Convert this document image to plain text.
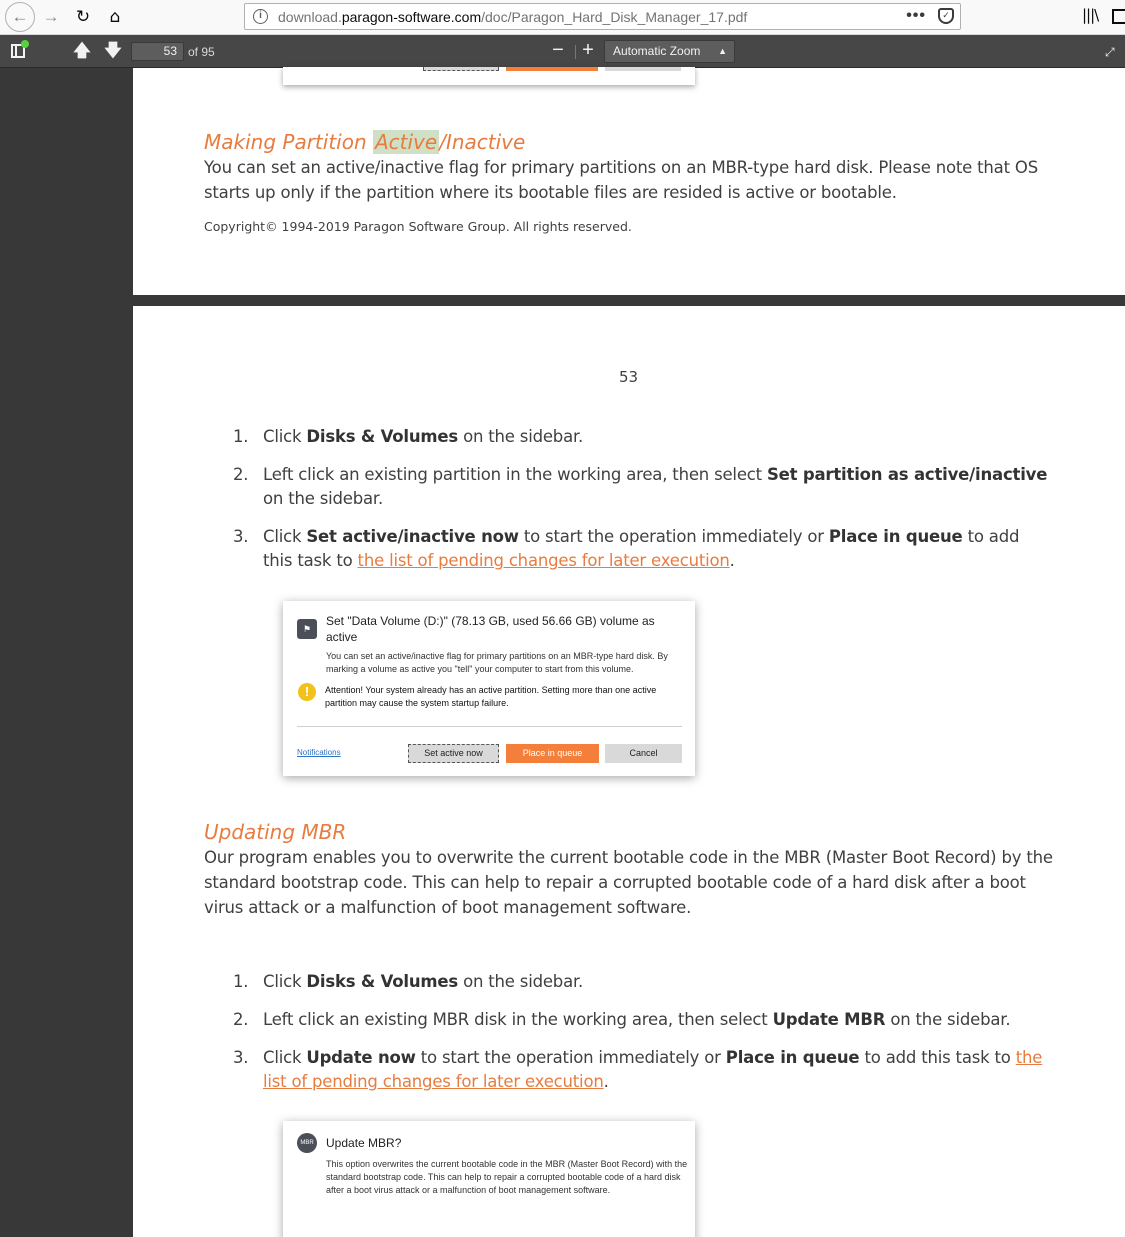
← → ↻	⌂	i	download.paragon-software.com/doc/Paragon_Hard_Disk_Manager_17.pdf	•••	✓	|||\
🡅 🡇	53 of 95	− +	Automatic Zoom ▲	⤢
Making Partition Active /Inactive
You can set an active/inactive flag for primary partitions on an MBR-type hard disk. Please note that OS starts up only if the partition where its bootable files are resided is active or bootable.
Copyright© 1994-2019 Paragon Software Group. All rights reserved.
53
1. Click Disks & Volumes on the sidebar.
2. Left click an existing partition in the working area, then select Set partition as active/inactive on the sidebar.
3. Click Set active/inactive now to start the operation immediately or Place in queue to add this task to the list of pending changes for later execution.
⚑
Set "Data Volume (D:)" (78.13 GB, used 56.66 GB) volume as active
You can set an active/inactive flag for primary partitions on an MBR-type hard disk. By marking a volume as active you "tell" your computer to start from this volume.
!	Attention! Your system already has an active partition. Setting more than one active partition may cause the system startup failure.
Notifications	Set active now	Place in queue	Cancel
Updating MBR
Our program enables you to overwrite the current bootable code in the MBR (Master Boot Record) by the standard bootstrap code. This can help to repair a corrupted bootable code of a hard disk after a boot virus attack or a malfunction of boot management software.
1. Click Disks & Volumes on the sidebar.
2. Left click an existing MBR disk in the working area, then select Update MBR on the sidebar.
3. Click Update now to start the operation immediately or Place in queue to add this task to the list of pending changes for later execution.
MBR Update MBR?
This option overwrites the current bootable code in the MBR (Master Boot Record) with the standard bootstrap code. This can help to repair a corrupted bootable code of a hard disk after a boot virus attack or a malfunction of boot management software.
